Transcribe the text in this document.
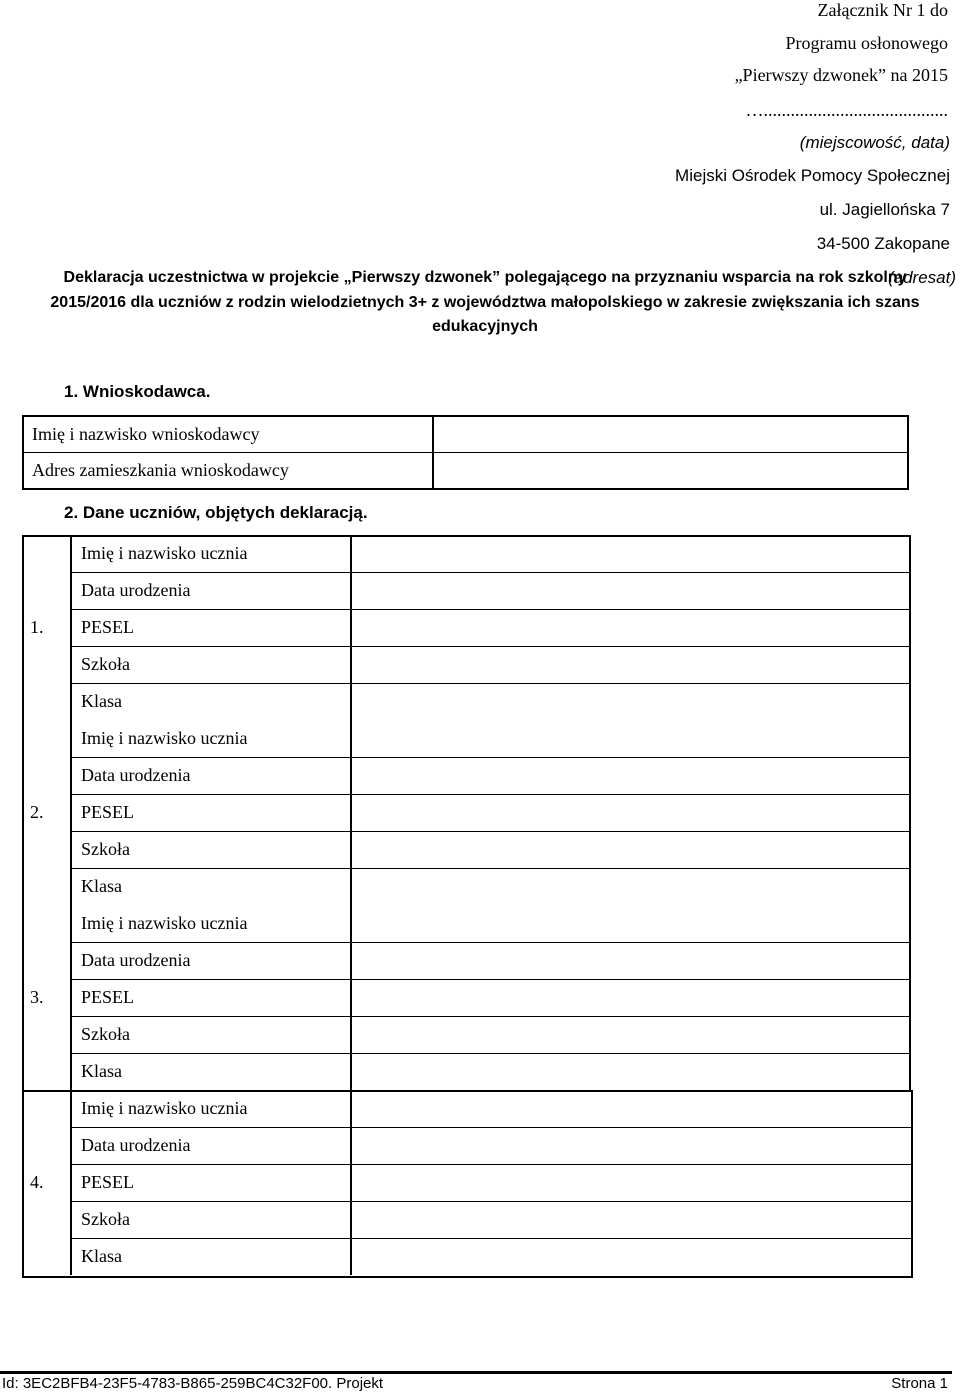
Załącznik Nr 1 do
Programu osłonowego
„Pierwszy dzwonek” na 2015
….........................................
(miejscowość, data)
Miejski Ośrodek Pomocy Społecznej
ul. Jagiellońska 7
34-500 Zakopane
(adresat)
Deklaracja uczestnictwa w projekcie „Pierwszy dzwonek” polegającego na przyznaniu wsparcia na rok szkolny 2015/2016 dla uczniów z rodzin wielodzietnych 3+ z województwa małopolskiego w zakresie zwiększania ich szans edukacyjnych
1. Wnioskodawca.
Imię i nazwisko wnioskodawcy
Adres zamieszkania wnioskodawcy
2. Dane uczniów, objętych deklaracją.
1.
Imię i nazwisko ucznia
Data urodzenia
PESEL
Szkoła
Klasa
2.
Imię i nazwisko ucznia
Data urodzenia
PESEL
Szkoła
Klasa
3.
Imię i nazwisko ucznia
Data urodzenia
PESEL
Szkoła
Klasa
4.
Imię i nazwisko ucznia
Data urodzenia
PESEL
Szkoła
Klasa
Id: 3EC2BFB4-23F5-4783-B865-259BC4C32F00. Projekt	Strona 1
